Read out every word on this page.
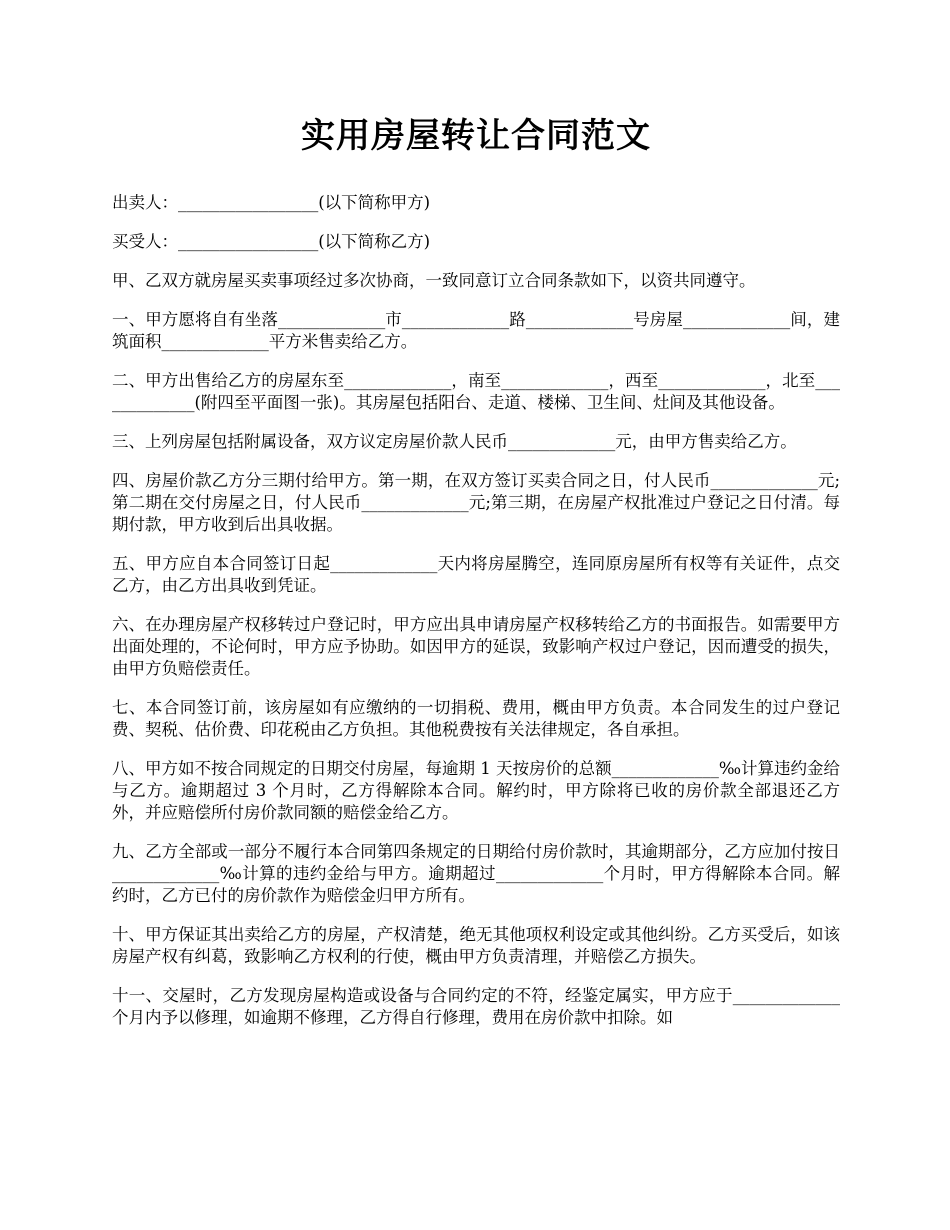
实用房屋转让合同范文

出卖人：_________________(以下简称甲方)

买受人：_________________(以下简称乙方)

甲、乙双方就房屋买卖事项经过多次协商，一致同意订立合同条款如下，以资共同遵守。

一、甲方愿将自有坐落_____________市_____________路_____________号房屋_____________间，建筑面积_____________平方米售卖给乙方。

二、甲方出售给乙方的房屋东至_____________，南至_____________，西至_____________，北至_____________(附四至平面图一张)。其房屋包括阳台、走道、楼梯、卫生间、灶间及其他设备。

三、上列房屋包括附属设备，双方议定房屋价款人民币_____________元，由甲方售卖给乙方。

四、房屋价款乙方分三期付给甲方。第一期，在双方签订买卖合同之日，付人民币_____________元;第二期在交付房屋之日，付人民币_____________元;第三期，在房屋产权批准过户登记之日付清。每期付款，甲方收到后出具收据。

五、甲方应自本合同签订日起_____________天内将房屋腾空，连同原房屋所有权等有关证件，点交乙方，由乙方出具收到凭证。

六、在办理房屋产权移转过户登记时，甲方应出具申请房屋产权移转给乙方的书面报告。如需要甲方出面处理的，不论何时，甲方应予协助。如因甲方的延误，致影响产权过户登记，因而遭受的损失，由甲方负赔偿责任。

七、本合同签订前，该房屋如有应缴纳的一切捐税、费用，概由甲方负责。本合同发生的过户登记费、契税、估价费、印花税由乙方负担。其他税费按有关法律规定，各自承担。

八、甲方如不按合同规定的日期交付房屋，每逾期 1 天按房价的总额_____________‰计算违约金给与乙方。逾期超过 3 个月时，乙方得解除本合同。解约时，甲方除将已收的房价款全部退还乙方外，并应赔偿所付房价款同额的赔偿金给乙方。

九、乙方全部或一部分不履行本合同第四条规定的日期给付房价款时，其逾期部分，乙方应加付按日_____________‰计算的违约金给与甲方。逾期超过_____________个月时，甲方得解除本合同。解约时，乙方已付的房价款作为赔偿金归甲方所有。

十、甲方保证其出卖给乙方的房屋，产权清楚，绝无其他项权利设定或其他纠纷。乙方买受后，如该房屋产权有纠葛，致影响乙方权利的行使，概由甲方负责清理，并赔偿乙方损失。

十一、交屋时，乙方发现房屋构造或设备与合同约定的不符，经鉴定属实，甲方应于_____________个月内予以修理，如逾期不修理，乙方得自行修理，费用在房价款中扣除。如
